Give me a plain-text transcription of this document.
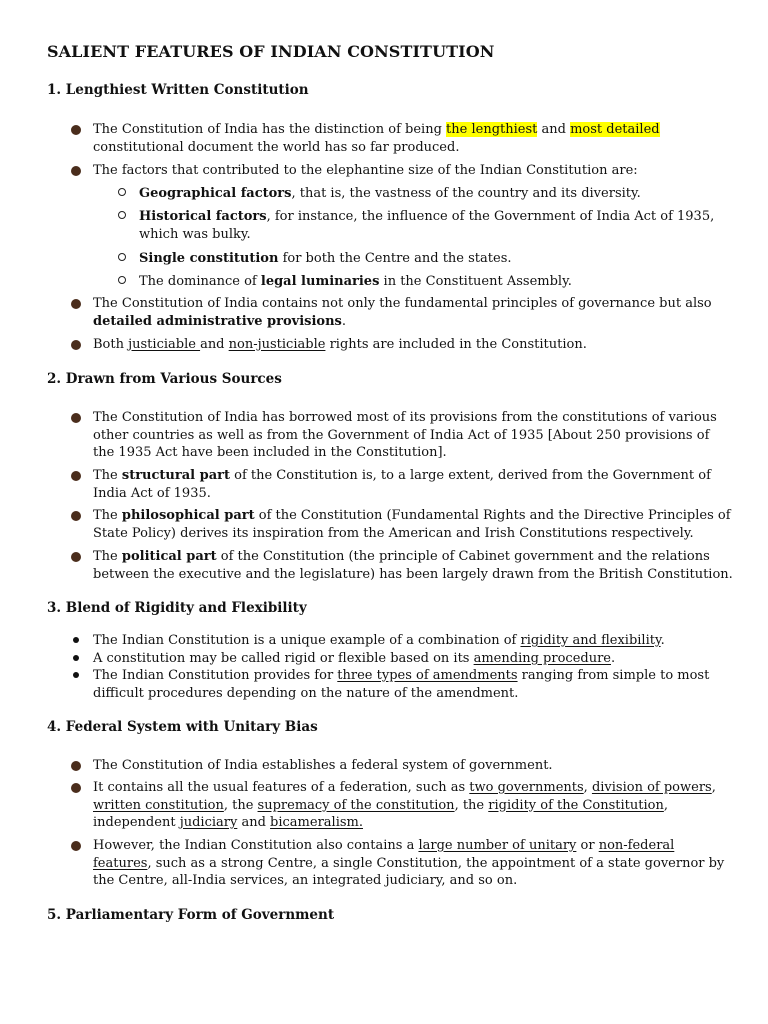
SALIENT FEATURES OF INDIAN CONSTITUTION
1. Lengthiest Written Constitution

The Constitution of India has the distinction of being the lengthiest and most detailed constitutional document the world has so far produced.

The factors that contributed to the elephantine size of the Indian Constitution are:

Geographical factors, that is, the vastness of the country and its diversity.

Historical factors, for instance, the influence of the Government of India Act of 1935, which was bulky.

Single constitution for both the Centre and the states.

The dominance of legal luminaries in the Constituent Assembly.

The Constitution of India contains not only the fundamental principles of governance but also detailed administrative provisions.

Both justiciable and non-justiciable rights are included in the Constitution.

2. Drawn from Various Sources

The Constitution of India has borrowed most of its provisions from the constitutions of various other countries as well as from the Government of India Act of 1935 [About 250 provisions of the 1935 Act have been included in the Constitution].

The structural part of the Constitution is, to a large extent, derived from the Government of India Act of 1935.

The philosophical part of the Constitution (Fundamental Rights and the Directive Principles of State Policy) derives its inspiration from the American and Irish Constitutions respectively.

The political part of the Constitution (the principle of Cabinet government and the relations between the executive and the legislature) has been largely drawn from the British Constitution.

3. Blend of Rigidity and Flexibility

The Indian Constitution is a unique example of a combination of rigidity and flexibility.

A constitution may be called rigid or flexible based on its amending procedure.

The Indian Constitution provides for three types of amendments ranging from simple to most difficult procedures depending on the nature of the amendment.

4. Federal System with Unitary Bias

The Constitution of India establishes a federal system of government.

It contains all the usual features of a federation, such as two governments, division of powers, written constitution, the supremacy of the constitution, the rigidity of the Constitution, independent judiciary and bicameralism.

However, the Indian Constitution also contains a large number of unitary or non-federal features, such as a strong Centre, a single Constitution, the appointment of a state governor by the Centre, all-India services, an integrated judiciary, and so on.

5. Parliamentary Form of Government
